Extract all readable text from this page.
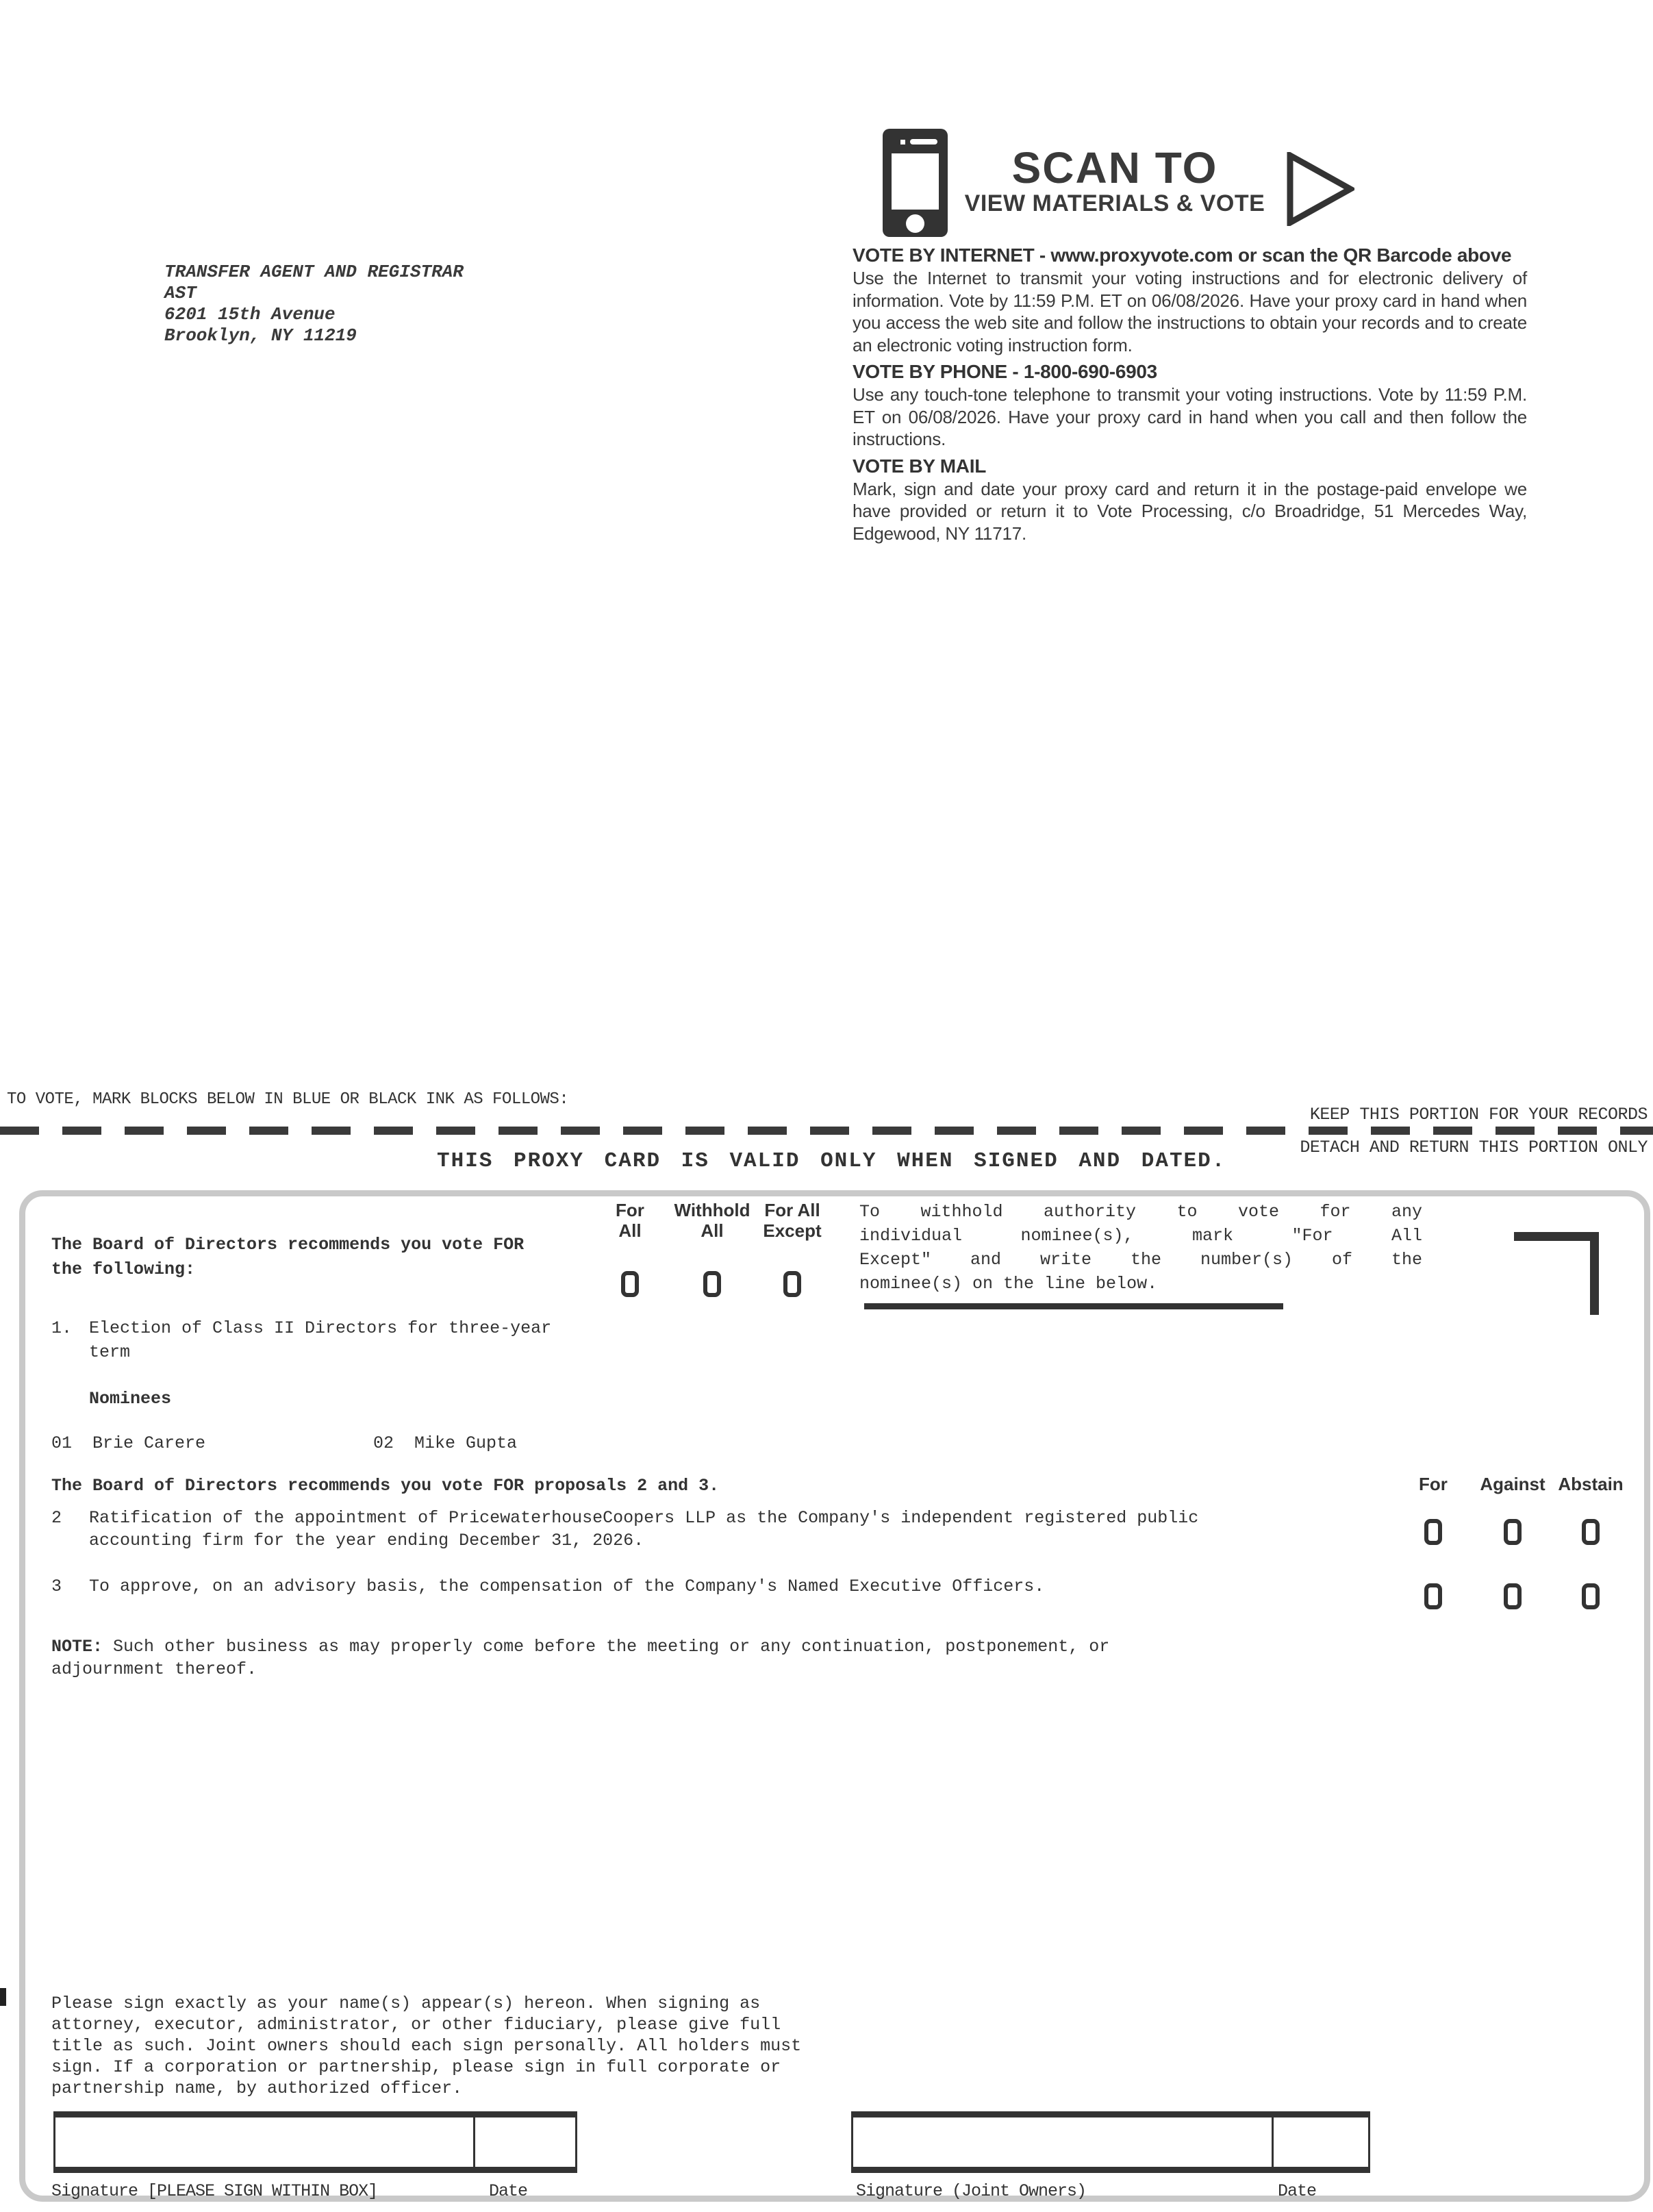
TRANSFER AGENT AND REGISTRAR
AST
6201 15th Avenue
Brooklyn, NY 11219
SCAN TO
VIEW MATERIALS & VOTE
VOTE BY INTERNET - www.proxyvote.com or scan the QR Barcode above
Use the Internet to transmit your voting instructions and for electronic delivery of information. Vote by 11:59 P.M. ET on 06/08/2026. Have your proxy card in hand when you access the web site and follow the instructions to obtain your records and to create an electronic voting instruction form.
VOTE BY PHONE - 1-800-690-6903
Use any touch-tone telephone to transmit your voting instructions. Vote by 11:59 P.M. ET on 06/08/2026. Have your proxy card in hand when you call and then follow the instructions.
VOTE BY MAIL
Mark, sign and date your proxy card and return it in the postage-paid envelope we have provided or return it to Vote Processing, c/o Broadridge, 51 Mercedes Way, Edgewood, NY 11717.
TO VOTE, MARK BLOCKS BELOW IN BLUE OR BLACK INK AS FOLLOWS:
KEEP THIS PORTION FOR YOUR RECORDS
DETACH AND RETURN THIS PORTION ONLY
THIS PROXY CARD IS VALID ONLY WHEN SIGNED AND DATED.
The Board of Directors recommends you vote FOR the following:
For
All
Withhold
All
For All
Except
To withhold authority to vote for any
individual nominee(s), mark "For All
Except" and write the number(s) of the
nominee(s) on the line below.
1. Election of Class II Directors for three-year term
Nominees
01 Brie Carere	02 Mike Gupta
The Board of Directors recommends you vote FOR proposals 2 and 3.	For	Against Abstain
2 Ratification of the appointment of PricewaterhouseCoopers LLP as the Company's independent registered public accounting firm for the year ending December 31, 2026.
3 To approve, on an advisory basis, the compensation of the Company's Named Executive Officers.
NOTE: Such other business as may properly come before the meeting or any continuation, postponement, or adjournment thereof.
Please sign exactly as your name(s) appear(s) hereon. When signing as attorney, executor, administrator, or other fiduciary, please give full title as such. Joint owners should each sign personally. All holders must sign. If a corporation or partnership, please sign in full corporate or partnership name, by authorized officer.
Signature [PLEASE SIGN WITHIN BOX]	Date	Signature (Joint Owners)	Date
